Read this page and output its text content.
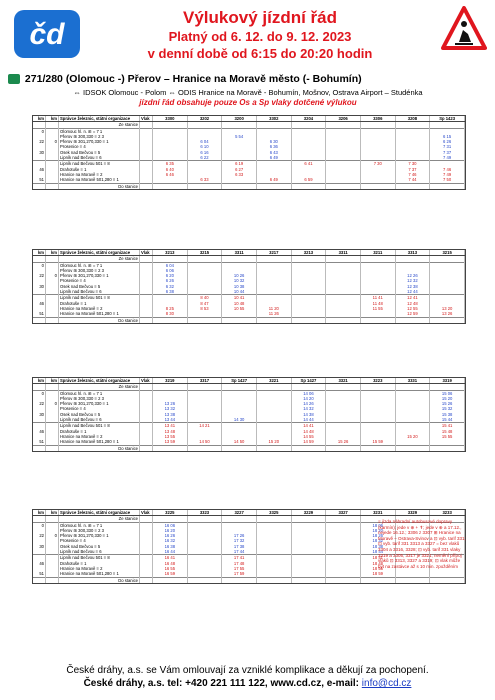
čd

Výlukový jízdní řád

Platný od 6. 12. do 9. 12. 2023

v denní době od 6:15 do 20:20 hodin

271/280 (Olomouc -) Přerov – Hranice na Moravě město (- Bohumín)
⇔ IDSOK Olomouc - Polom ⇔ ODIS Hranice na Moravě - Bohumín, Mošnov, Ostrava Airport – Studénka
jízdní řád obsahuje pouze Os a Sp vlaky dotčené výlukou
km	km	Správce železnic, státní organizace	Vlak	3300	3202	3200	3302	3204	3206	3306	3208	Sp 1423
		Ze stanice										
0		Olomouc hl. n. ⊞ = 7 1										
		Přerov ⊞ 300,330 ≡ 2 3				5 54						6 15
22	0	Přerov ⊞ 301,270,330 ≡ 1			6 04		6 30					6 26
		Prosenice ≡ 4			6 10		6 36					7 31
30		Osek nad Bečvou ≡ 5			6 16		6 43					7 37
		Lipník nad Bečvou ≡ 6			6 22		6 49					7 49
		Lipník nad Bečvou 501 ≡ 8		6 35		6 19		6 41		7 30	7 30	
46		Drahotuše ≡ 1		6 40		6 27					7 37	7 46
		Hranice na Moravě ≡ 2		6 46		6 33					7 46	7 49
51		Hranice na Moravě 501,280 ≡ 1			6 33		6 49	6 59			7 44	7 50
		Do stanice										
km	km	Správce železnic, státní organizace	Vlak	3213	3215	3311	3217	3213	3311	3211	3313	3215
		Ze stanice										
0		Olomouc hl. n. ⊞ = 7 1		6 04								
		Přerov ⊞ 300,330 ≡ 2 3		6 06								
22	0	Přerov ⊞ 301,270,330 ≡ 1		6 20		10 26					12 26	
		Prosenice ≡ 4		6 26		10 32					12 32	
30		Osek nad Bečvou ≡ 5		6 32		10 38					12 38	
		Lipník nad Bečvou ≡ 6		6 38		10 44					12 44	
		Lipník nad Bečvou 501 ≡ 8			8 40	10 41				11 41	12 41	
46		Drahotuše ≡ 1			8 47	10 48				11 48	12 48	
		Hranice na Moravě ≡ 2		8 25	8 53	10 55	11 20			11 55	12 55	13 20
51		Hranice na Moravě 501,280 ≡ 1		8 30			11 26				12 59	13 26
		Do stanice										
km	km	Správce železnic, státní organizace	Vlak	3219	3317	Sp 1427	3221	Sp 1427	3321	3223	3331	3319
		Ze stanice										
0		Olomouc hl. n. ⊞ = 7 1						14 06				15 06
		Přerov ⊞ 300,330 ≡ 2 3						14 20				15 20
22	0	Přerov ⊞ 301,270,330 ≡ 1		13 26				14 26				15 26
		Prosenice ≡ 4		13 32				14 32				15 32
30		Osek nad Bečvou ≡ 5		13 38				14 38				15 38
		Lipník nad Bečvou ≡ 6		13 44		14 30		14 44				15 44
		Lipník nad Bečvou 501 ≡ 8		13 41	14 21			14 41				15 41
46		Drahotuše ≡ 1		13 48				14 48				15 48
		Hranice na Moravě ≡ 2		13 55				14 55			15 20	15 55
51		Hranice na Moravě 501,280 ≡ 1		13 59	14 50	14 50	15 20	14 59	15 26	15 59		
		Do stanice										
km	km	Správce železnic, státní organizace	Vlak	3225	3323	3227	3325	3229	3327	3231	3329	3233
		Ze stanice										
0		Olomouc hl. n. ⊞ = 7 1		16 06						18 06		
		Přerov ⊞ 300,330 ≡ 2 3		16 20						18 20		
22	0	Přerov ⊞ 301,270,330 ≡ 1		16 26		17 26				18 26		
		Prosenice ≡ 4		16 32		17 32				18 32		
30		Osek nad Bečvou ≡ 5		16 38		17 38				18 38		
		Lipník nad Bečvou ≡ 6		16 44		17 44				18 44		
		Lipník nad Bečvou 501 ≡ 8		16 41		17 41				18 41		
46		Drahotuše ≡ 1		16 48		17 48				18 48		
		Hranice na Moravě ≡ 2		16 55		17 55				18 55		
51		Hranice na Moravě 501,280 ≡ 1		16 59		17 59				18 59		
		Do stanice										
≡ jízda náhradní autobusové dopravy (karmín); jede v ⊕ + ✝; jede v ⊕ a 17.12., nejede 16.12.; 3306 z 3307 ⊞ Hranice na Moravě – Ostrava-Svinov a ⊡ vyb. tarif 331; ⊡ vyb. tarif 331 3313 a 3327 = bez vlaků 3304 a 3316, 3328; ⊡ vyb. tarif 331 vlaky 3319 a 3305, 3317 je 3321; nemění přípoj vlaků ⊡ 3313, 3327 a 3319; ⊡ vlak může být na zastávce až s 10 min. zpožděním
České dráhy, a.s. se Vám omlouvají za vzniklé komplikace a děkují za pochopení.
České dráhy, a.s. tel: +420 221 111 122, www.cd.cz, e-mail: info@cd.cz
